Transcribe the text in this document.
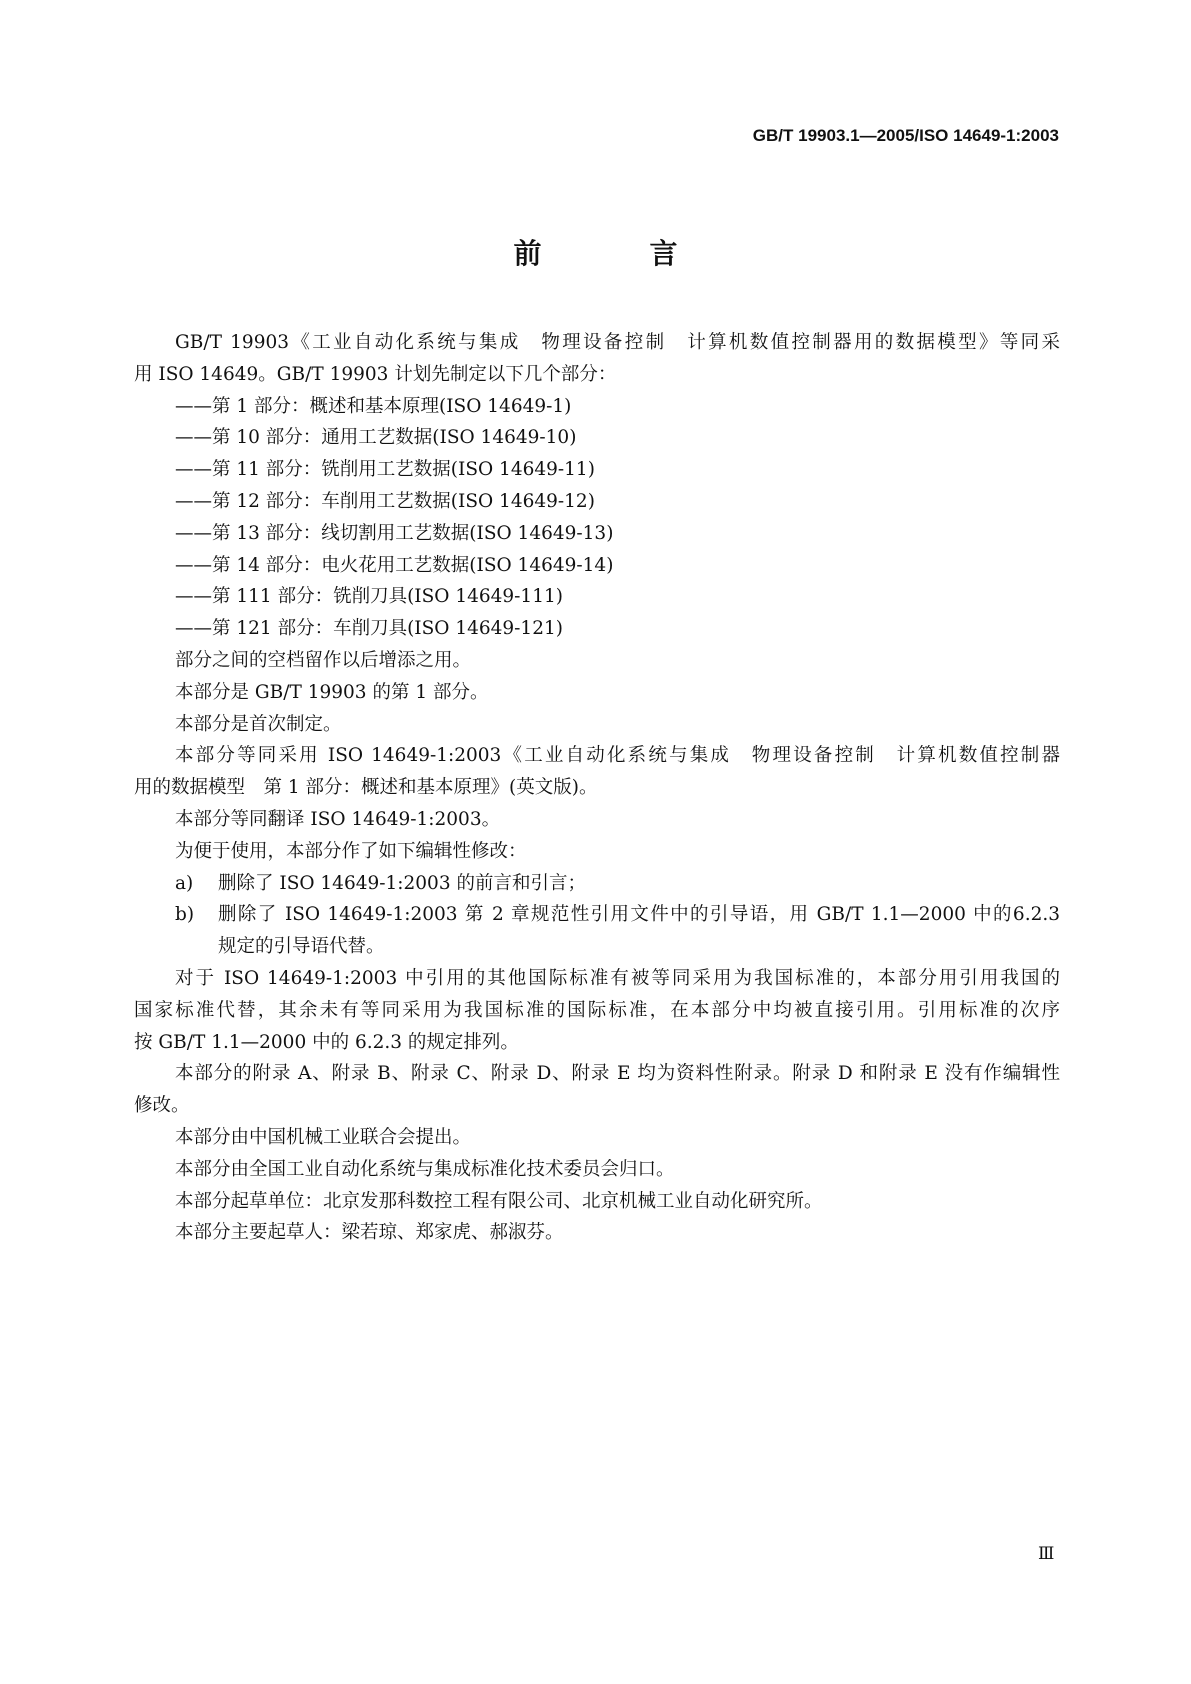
GB/T 19903.1—2005/ISO 14649-1:2003
前　言
GB/T 19903《工业自动化系统与集成　物理设备控制　计算机数值控制器用的数据模型》等同采
用 ISO 14649。GB/T 19903 计划先制定以下几个部分：
——第 1 部分：概述和基本原理(ISO 14649-1)
——第 10 部分：通用工艺数据(ISO 14649-10)
——第 11 部分：铣削用工艺数据(ISO 14649-11)
——第 12 部分：车削用工艺数据(ISO 14649-12)
——第 13 部分：线切割用工艺数据(ISO 14649-13)
——第 14 部分：电火花用工艺数据(ISO 14649-14)
——第 111 部分：铣削刀具(ISO 14649-111)
——第 121 部分：车削刀具(ISO 14649-121)
部分之间的空档留作以后增添之用。
本部分是 GB/T 19903 的第 1 部分。
本部分是首次制定。
本部分等同采用 ISO 14649-1:2003《工业自动化系统与集成　物理设备控制　计算机数值控制器
用的数据模型　第 1 部分：概述和基本原理》(英文版)。
本部分等同翻译 ISO 14649-1:2003。
为便于使用，本部分作了如下编辑性修改：
a) 删除了 ISO 14649-1:2003 的前言和引言；
b)	删除了 ISO 14649-1:2003 第 2 章规范性引用文件中的引导语，用 GB/T 1.1—2000 中的6.2.3
规定的引导语代替。
对于 ISO 14649-1:2003 中引用的其他国际标准有被等同采用为我国标准的，本部分用引用我国的
国家标准代替，其余未有等同采用为我国标准的国际标准，在本部分中均被直接引用。引用标准的次序
按 GB/T 1.1—2000 中的 6.2.3 的规定排列。
本部分的附录 A、附录 B、附录 C、附录 D、附录 E 均为资料性附录。附录 D 和附录 E 没有作编辑性
修改。
本部分由中国机械工业联合会提出。
本部分由全国工业自动化系统与集成标准化技术委员会归口。
本部分起草单位：北京发那科数控工程有限公司、北京机械工业自动化研究所。
本部分主要起草人：梁若琼、郑家虎、郝淑芬。
Ⅲ
